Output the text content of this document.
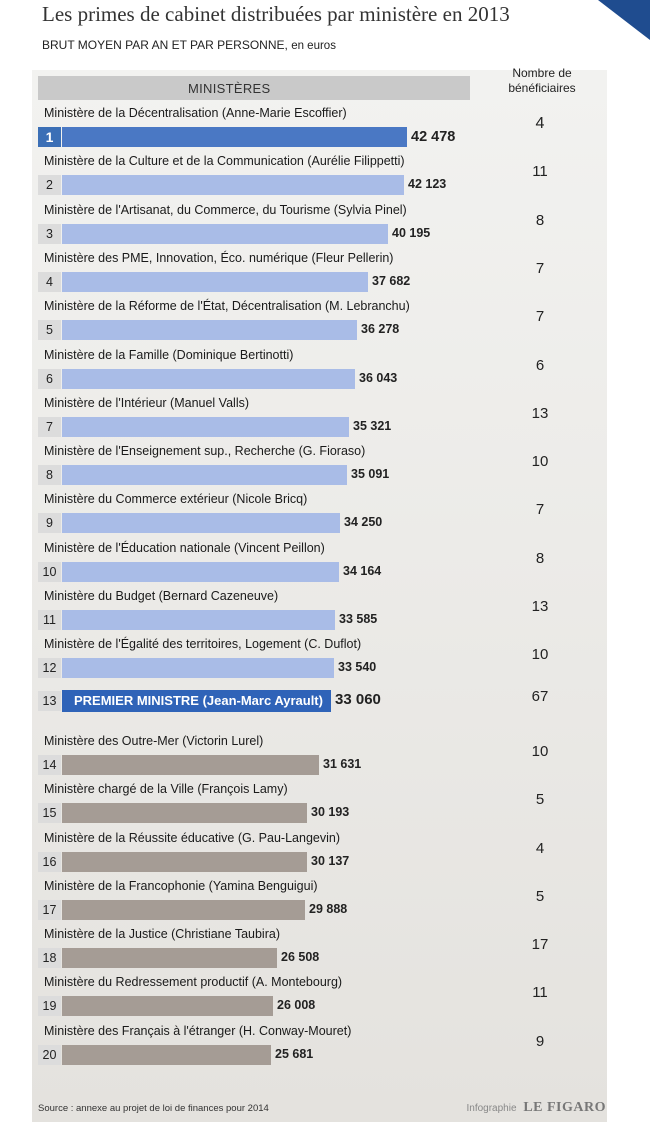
Les primes de cabinet distribuées par ministère en 2013
BRUT MOYEN PAR AN ET PAR PERSONNE, en euros
MINISTÈRES
Nombre de
bénéficiaires
Ministère de la Décentralisation (Anne-Marie Escoffier)
42 478
4
1
Ministère de la Culture et de la Communication (Aurélie Filippetti)
42 123
11
2
Ministère de l'Artisanat, du Commerce, du Tourisme (Sylvia Pinel)
40 195
8
3
Ministère des PME, Innovation, Éco. numérique (Fleur Pellerin)
37 682
7
4
Ministère de la Réforme de l'État, Décentralisation (M. Lebranchu)
36 278
7
5
Ministère de la Famille (Dominique Bertinotti)
36 043
6
6
Ministère de l'Intérieur (Manuel Valls)
35 321
13
7
Ministère de l'Enseignement sup., Recherche (G. Fioraso)
35 091
10
8
Ministère du Commerce extérieur (Nicole Bricq)
34 250
7
9
Ministère de l'Éducation nationale (Vincent Peillon)
34 164
8
10
Ministère du Budget (Bernard Cazeneuve)
33 585
13
11
Ministère de l'Égalité des territoires, Logement (C. Duflot)
33 540
10
12
PREMIER MINISTRE (Jean-Marc Ayrault) 33 060	67
13
Ministère des Outre-Mer (Victorin Lurel)
31 631
10
14
Ministère chargé de la Ville (François Lamy)
30 193
5
15
Ministère de la Réussite éducative (G. Pau-Langevin)
30 137
4
16
Ministère de la Francophonie (Yamina Benguigui)
29 888
5
17
Ministère de la Justice (Christiane Taubira)
26 508
17
18
Ministère du Redressement productif (A. Montebourg)
26 008
11
19
Ministère des Français à l'étranger (H. Conway-Mouret)
25 681
9
20
Source : annexe au projet de loi de finances pour 2014	Infographie LE FIGARO
